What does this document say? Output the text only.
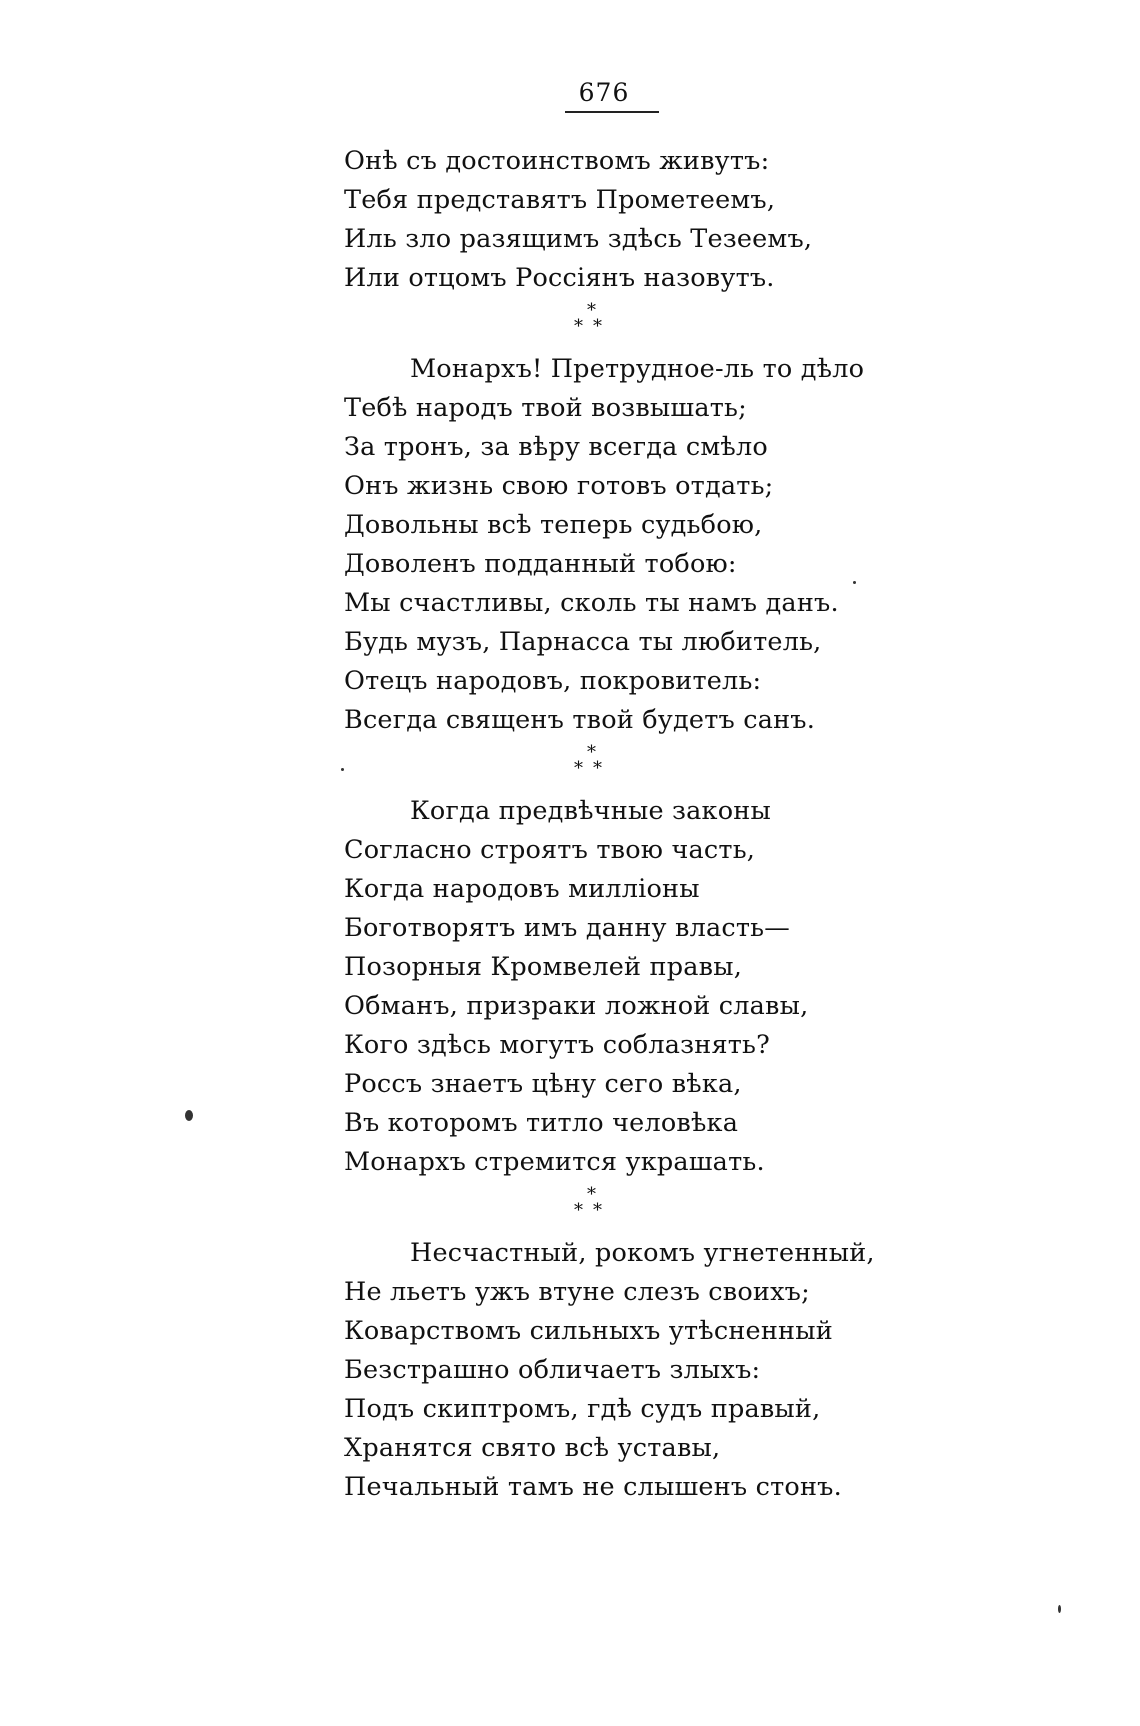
676
Онѣ съ достоинствомъ живутъ:
Тебя представятъ Прометеемъ,
Иль зло разящимъ здѣсь Тезеемъ,
Или отцомъ Россіянъ назовутъ.
*
**
Монархъ! Претрудное-ль то дѣло
Тебѣ народъ твой возвышать;
За тронъ, за вѣру всегда смѣло
Онъ жизнь свою готовъ отдать;
Довольны всѣ теперь судьбою,
Доволенъ подданный тобою:
Мы счастливы, сколь ты намъ данъ.
Будь музъ, Парнасса ты любитель,
Отецъ народовъ, покровитель:
Всегда священъ твой будетъ санъ.
*
**
Когда предвѣчные законы
Согласно строятъ твою часть,
Когда народовъ милліоны
Боготворятъ имъ данну власть—
Позорныя Кромвелей правы,
Обманъ, призраки ложной славы,
Кого здѣсь могутъ соблазнять?
Россъ знаетъ цѣну сего вѣка,
Въ которомъ титло человѣка
Монархъ стремится украшать.
*
**
Несчастный, рокомъ угнетенный,
Не льетъ ужъ втуне слезъ своихъ;
Коварствомъ сильныхъ утѣсненный
Безстрашно обличаетъ злыхъ:
Подъ скиптромъ, гдѣ судъ правый,
Хранятся свято всѣ уставы,
Печальный тамъ не слышенъ стонъ.
